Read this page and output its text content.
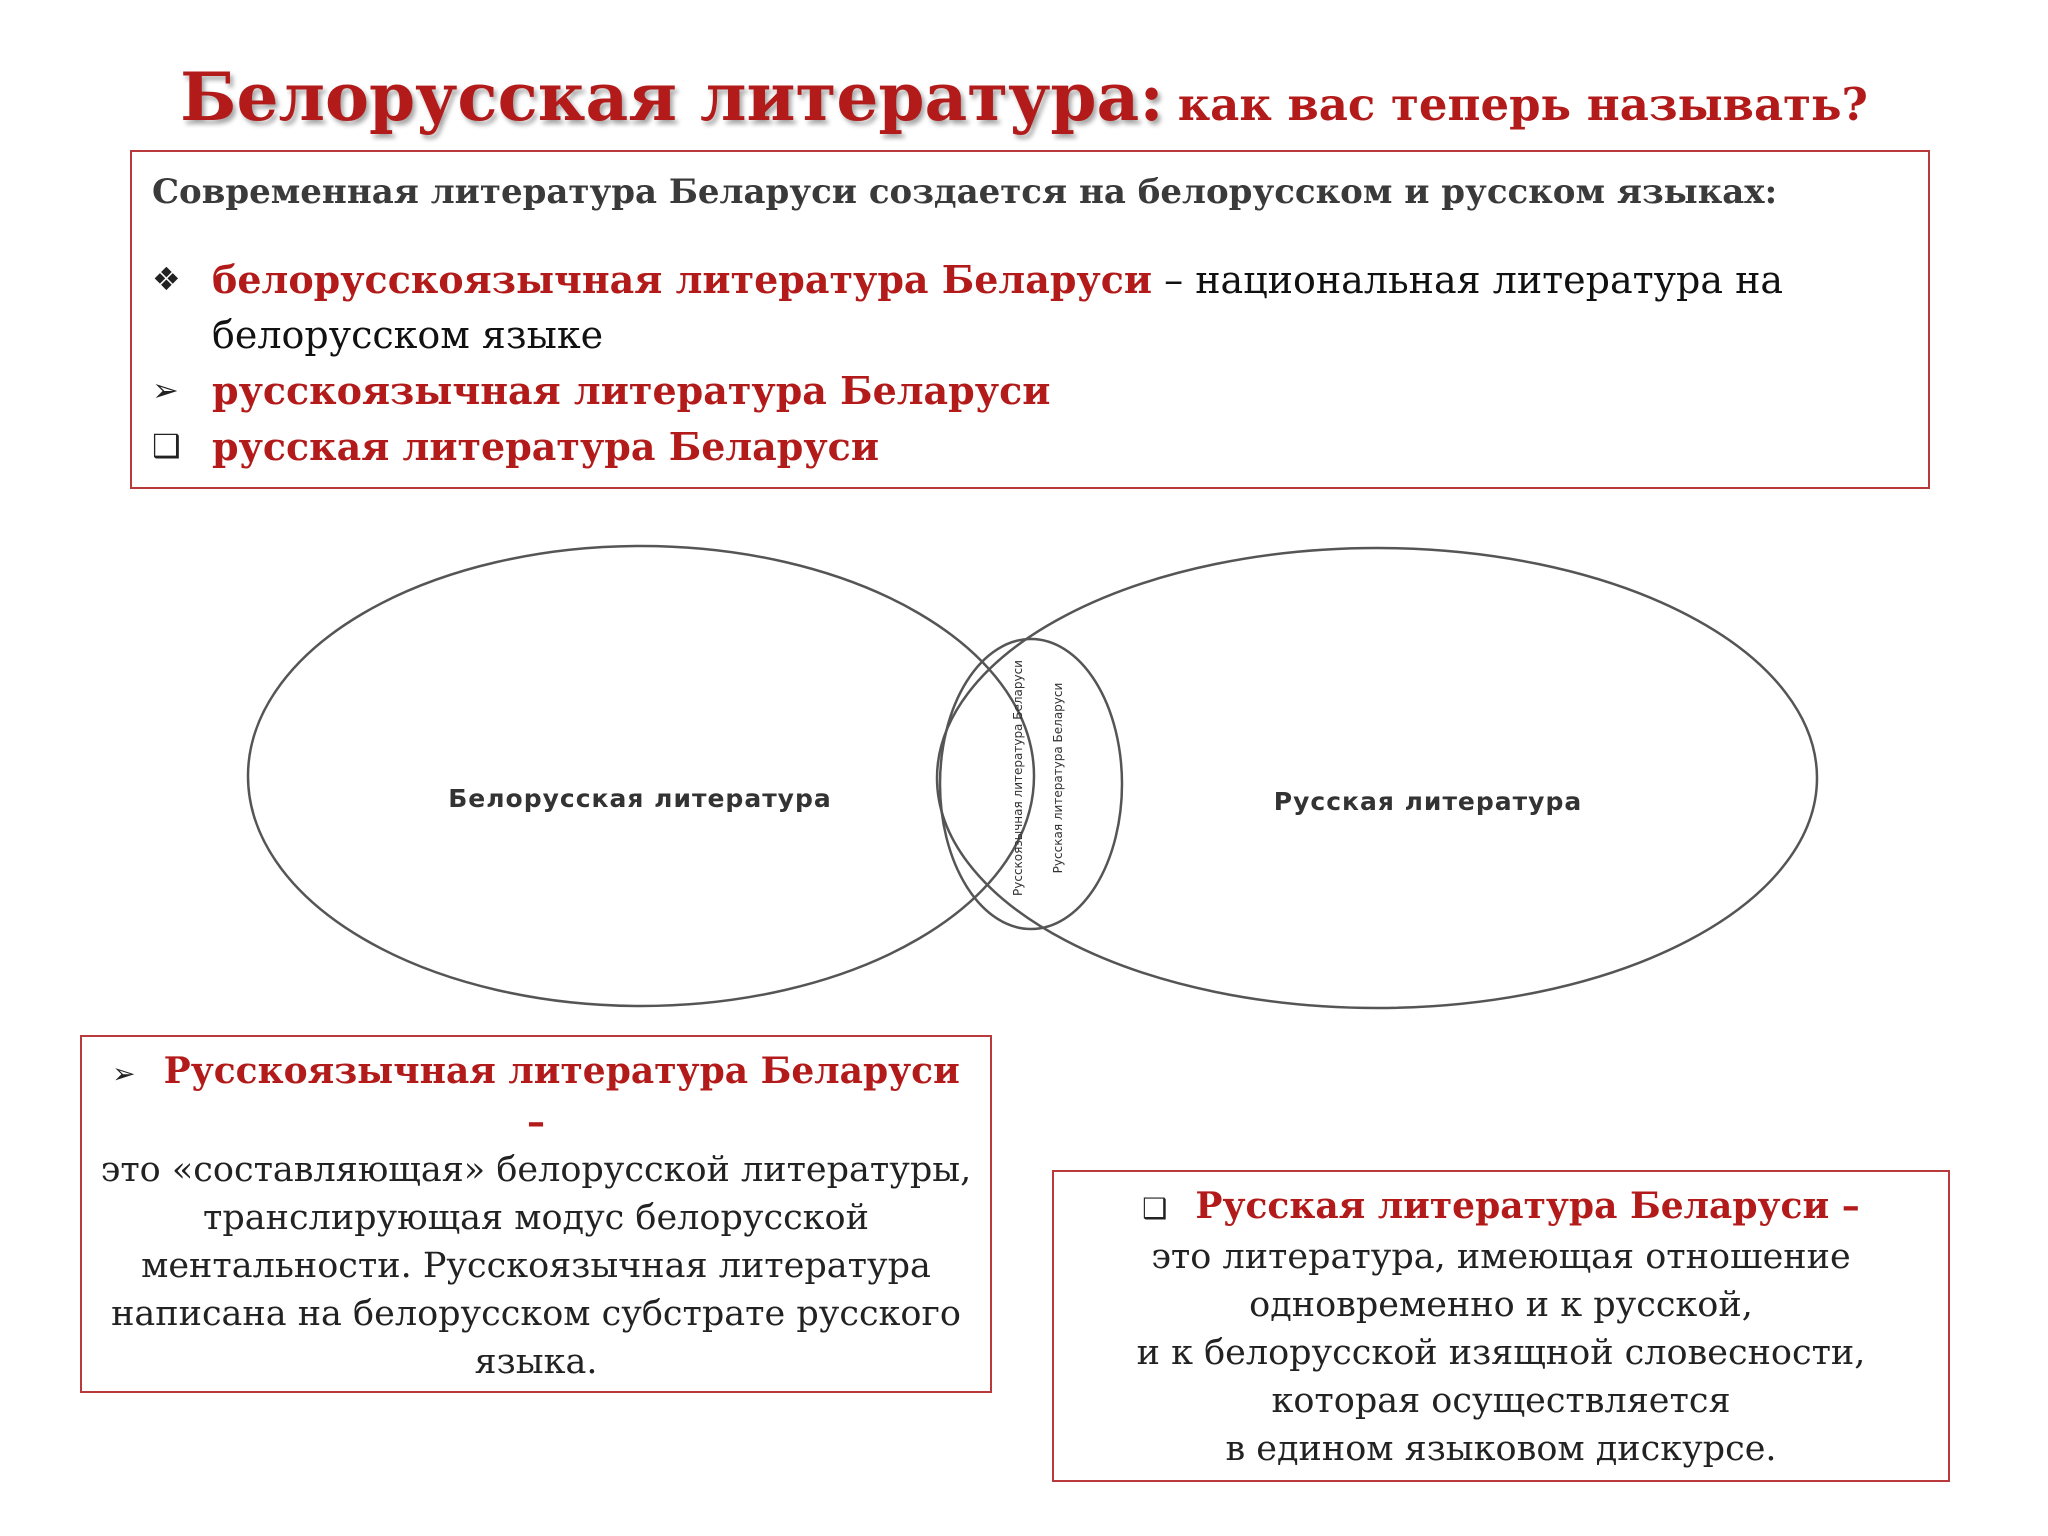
Белорусская литература: как вас теперь называть?
Современная литература Беларуси создается на белорусском и русском языках:
❖ белорусскоязычная литература Беларуси – национальная литература на белорусском языке
➢ русскоязычная литература Беларуси
❑ русская литература Беларуси
Белорусская литература	Русская литература
Русскоязычная литература Беларуси Русская литература Беларуси
➢ Русскоязычная литература Беларуси
–
это «составляющая» белорусской литературы,
транслирующая модус белорусской
ментальности. Русскоязычная литература
написана на белорусском субстрате русского
языка.
❑ Русская литература Беларуси –
это литература, имеющая отношение
одновременно и к русской,
и к белорусской изящной словесности,
которая осуществляется
в едином языковом дискурсе.
